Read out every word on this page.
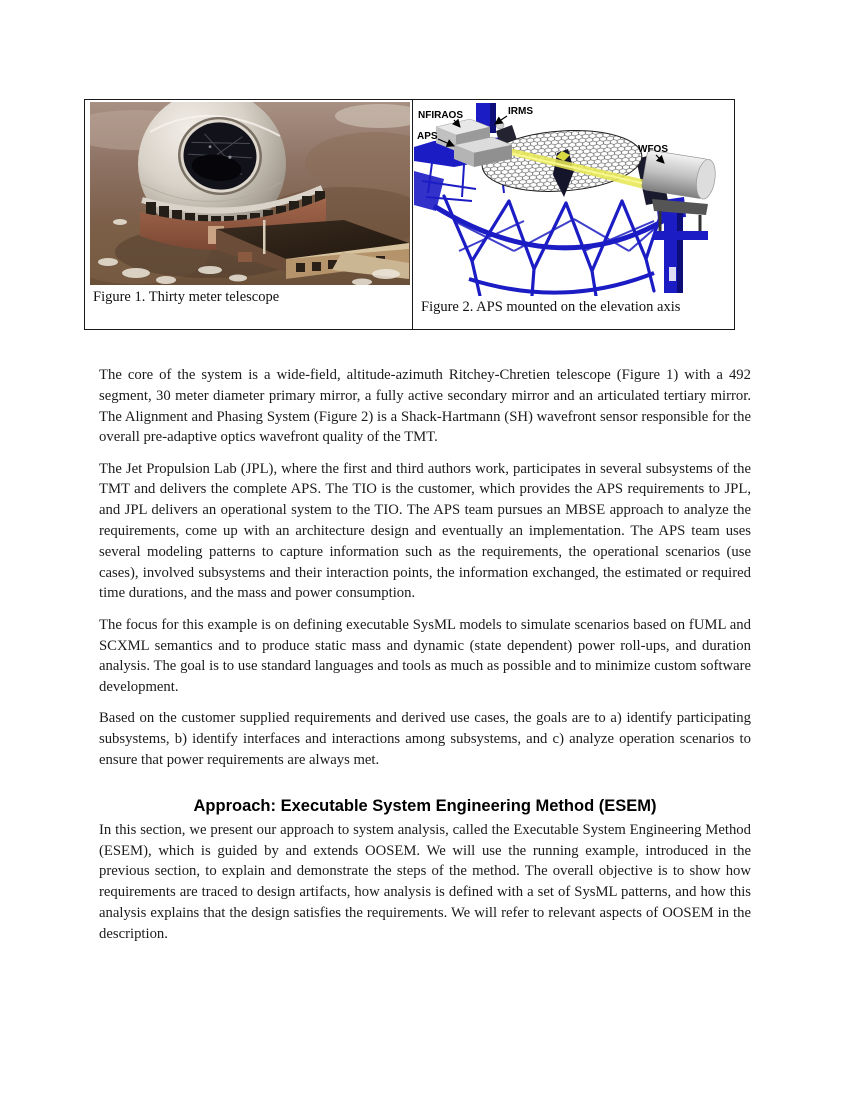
Figure 1. Thirty meter telescope
NFIRAOS	IRMS
APS
WFOS
Figure 2. APS mounted on the elevation axis

The core of the system is a wide-field, altitude-azimuth Ritchey-Chretien telescope (Figure 1) with a 492 segment, 30 meter diameter primary mirror, a fully active secondary mirror and an articulated tertiary mirror. The Alignment and Phasing System (Figure 2) is a Shack-Hartmann (SH) wavefront sensor responsible for the overall pre-adaptive optics wavefront quality of the TMT.

The Jet Propulsion Lab (JPL), where the first and third authors work, participates in several subsystems of the TMT and delivers the complete APS. The TIO is the customer, which provides the APS requirements to JPL, and JPL delivers an operational system to the TIO. The APS team pursues an MBSE approach to analyze the requirements, come up with an architecture design and eventually an implementation. The APS team uses several modeling patterns to capture information such as the requirements, the operational scenarios (use cases), involved subsystems and their interaction points, the information exchanged, the estimated or required time durations, and the mass and power consumption.

The focus for this example is on defining executable SysML models to simulate scenarios based on fUML and SCXML semantics and to produce static mass and dynamic (state dependent) power roll-ups, and duration analysis. The goal is to use standard languages and tools as much as possible and to minimize custom software development.

Based on the customer supplied requirements and derived use cases, the goals are to a) identify participating subsystems, b) identify interfaces and interactions among subsystems, and c) analyze operation scenarios to ensure that power requirements are always met.

Approach: Executable System Engineering Method (ESEM)

In this section, we present our approach to system analysis, called the Executable System Engineering Method (ESEM), which is guided by and extends OOSEM. We will use the running example, introduced in the previous section, to explain and demonstrate the steps of the method. The overall objective is to show how requirements are traced to design artifacts, how analysis is defined with a set of SysML patterns, and how this analysis explains that the design satisfies the requirements. We will refer to relevant aspects of OOSEM in the description.
